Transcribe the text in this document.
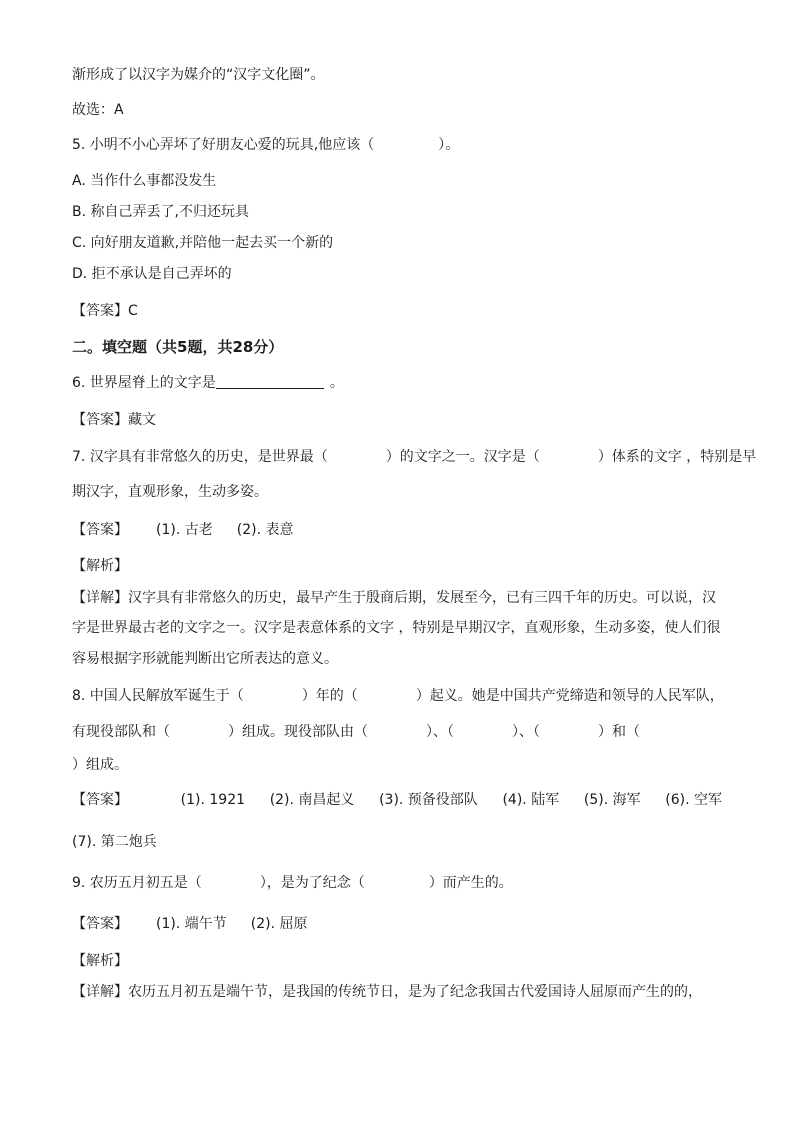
渐形成了以汉字为媒介的“汉字文化圈”。
故选：A
5. 小明不小心弄坏了好朋友心爱的玩具,他应该（	）。
A. 当作什么事都没发生
B. 称自己弄丢了,不归还玩具
C. 向好朋友道歉,并陪他一起去买一个新的
D. 拒不承认是自己弄坏的
【答案】C
二。填空题（共5题，共28分）
6. 世界屋脊上的文字是	。
【答案】藏文
7. 汉字具有非常悠久的历史，是世界最（	）的文字之一。汉字是（	）体系的文字 ，特别是早
期汉字，直观形象，生动多姿。
【答案】	(1). 古老 (2). 表意
【解析】
【详解】汉字具有非常悠久的历史，最早产生于殷商后期，发展至今，已有三四千年的历史。可以说，汉
字是世界最古老的文字之一。汉字是表意体系的文字 ，特别是早期汉字，直观形象，生动多姿，使人们很
容易根据字形就能判断出它所表达的意义。
8. 中国人民解放军诞生于（	）年的（	）起义。她是中国共产党缔造和领导的人民军队，
有现役部队和（	）组成。现役部队由（	）、（	）、（	）和（
）组成。
【答案】	(1). 1921 (2). 南昌起义 (3). 预备役部队 (4). 陆军 (5). 海军 (6). 空军
(7). 第二炮兵
9. 农历五月初五是（	），是为了纪念（	）而产生的。
【答案】	(1). 端午节 (2). 屈原
【解析】
【详解】农历五月初五是端午节，是我国的传统节日，是为了纪念我国古代爱国诗人屈原而产生的的，
